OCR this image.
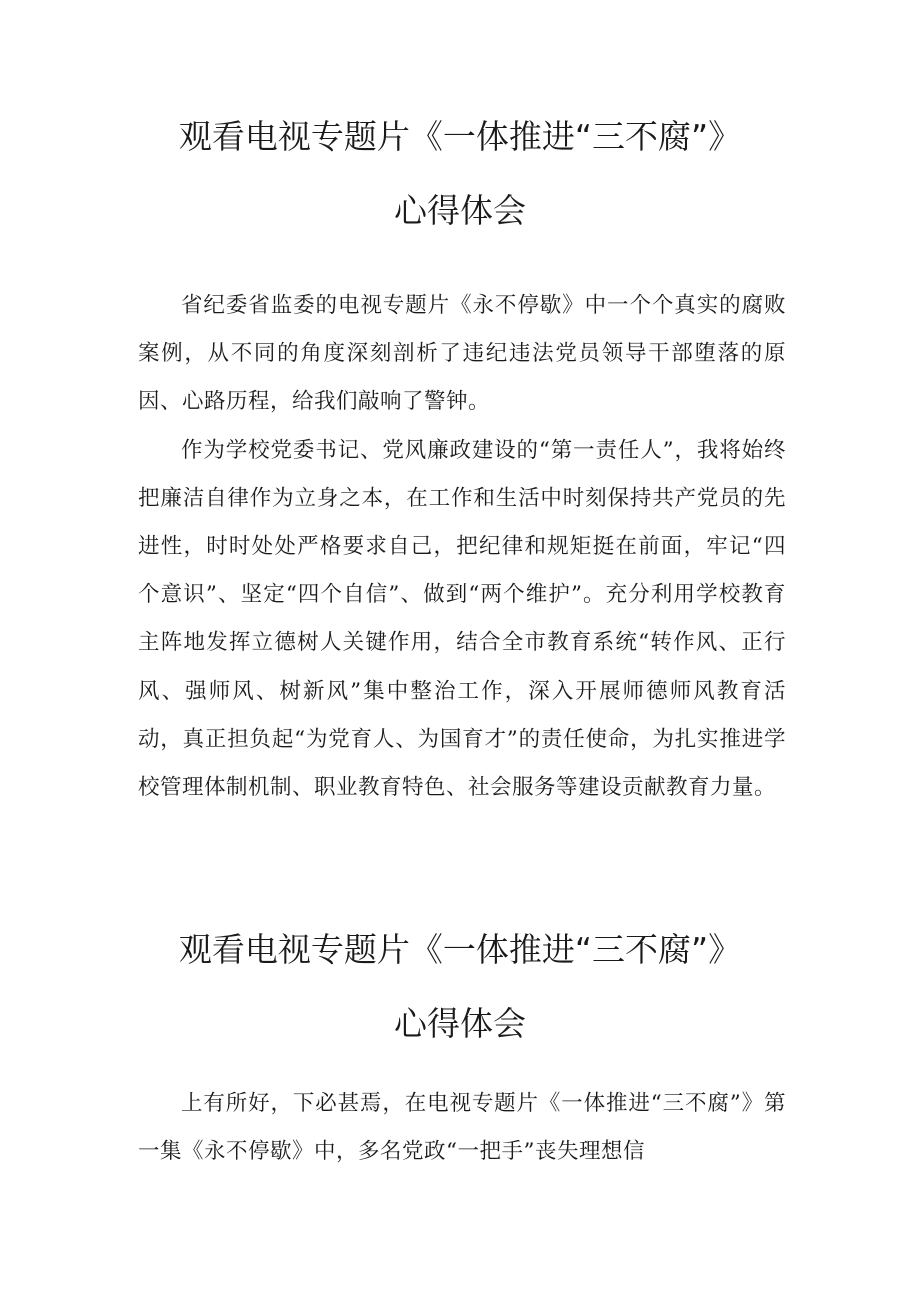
观看电视专题片《一体推进“三不腐”》
心得体会

省纪委省监委的电视专题片《永不停歇》中一个个真实的腐败案例，从不同的角度深刻剖析了违纪违法党员领导干部堕落的原因、心路历程，给我们敲响了警钟。

作为学校党委书记、党风廉政建设的“第一责任人”，我将始终把廉洁自律作为立身之本，在工作和生活中时刻保持共产党员的先进性，时时处处严格要求自己，把纪律和规矩挺在前面，牢记“四个意识”、坚定“四个自信”、做到“两个维护”。充分利用学校教育主阵地发挥立德树人关键作用，结合全市教育系统“转作风、正行风、强师风、树新风”集中整治工作，深入开展师德师风教育活动，真正担负起“为党育人、为国育才”的责任使命，为扎实推进学校管理体制机制、职业教育特色、社会服务等建设贡献教育力量。

观看电视专题片《一体推进“三不腐”》
心得体会

上有所好，下必甚焉，在电视专题片《一体推进“三不腐”》第一集《永不停歇》中，多名党政“一把手”丧失理想信
